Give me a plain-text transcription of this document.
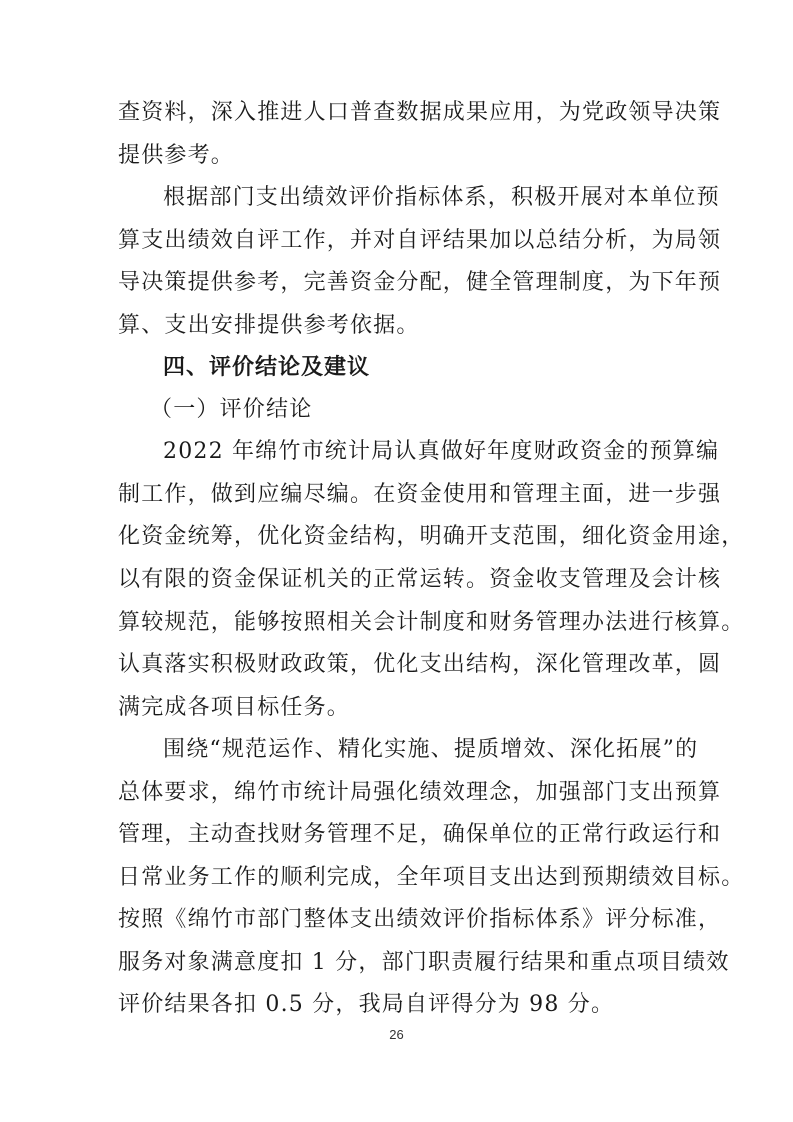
查资料，深入推进人口普查数据成果应用，为党政领导决策
提供参考。
根据部门支出绩效评价指标体系，积极开展对本单位预
算支出绩效自评工作，并对自评结果加以总结分析，为局领
导决策提供参考，完善资金分配，健全管理制度，为下年预
算、支出安排提供参考依据。
四、评价结论及建议
（一）评价结论
2022 年绵竹市统计局认真做好年度财政资金的预算编
制工作，做到应编尽编。在资金使用和管理主面，进一步强
化资金统筹，优化资金结构，明确开支范围，细化资金用途，
以有限的资金保证机关的正常运转。资金收支管理及会计核
算较规范，能够按照相关会计制度和财务管理办法进行核算。
认真落实积极财政政策，优化支出结构，深化管理改革，圆
满完成各项目标任务。
围绕“规范运作、精化实施、提质增效、深化拓展”的
总体要求，绵竹市统计局强化绩效理念，加强部门支出预算
管理，主动查找财务管理不足，确保单位的正常行政运行和
日常业务工作的顺利完成，全年项目支出达到预期绩效目标。
按照《绵竹市部门整体支出绩效评价指标体系》评分标准，
服务对象满意度扣 1 分，部门职责履行结果和重点项目绩效
评价结果各扣 0.5 分，我局自评得分为 98 分。
26
